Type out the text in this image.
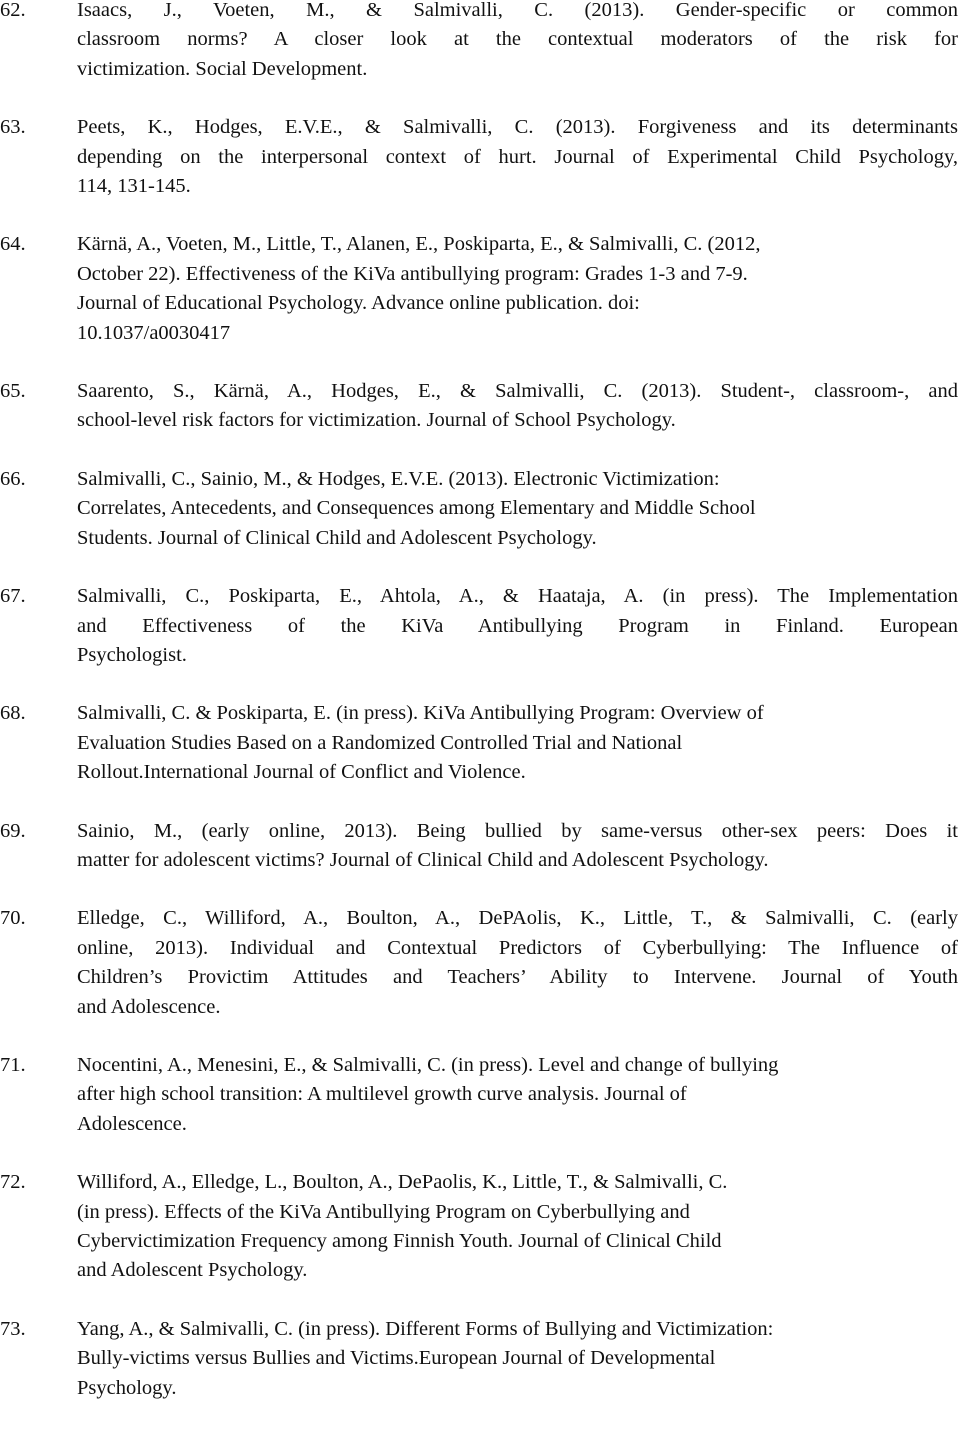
62.	Isaacs, J., Voeten, M., & Salmivalli, C. (2013). Gender-specific or common
classroom norms? A closer look at the contextual moderators of the risk for
victimization. Social Development.
63.	Peets, K., Hodges, E.V.E., & Salmivalli, C. (2013). Forgiveness and its determinants
depending on the interpersonal context of hurt. Journal of Experimental Child Psychology,
114, 131-145.
64.	Kärnä, A., Voeten, M., Little, T., Alanen, E., Poskiparta, E., & Salmivalli, C. (2012,
October 22). Effectiveness of the KiVa antibullying program: Grades 1-3 and 7-9.
Journal of Educational Psychology. Advance online publication. doi:
10.1037/a0030417
65.	Saarento, S., Kärnä, A., Hodges, E., & Salmivalli, C. (2013). Student-, classroom-, and
school-level risk factors for victimization. Journal of School Psychology.
66.	Salmivalli, C., Sainio, M., & Hodges, E.V.E. (2013). Electronic Victimization:
Correlates, Antecedents, and Consequences among Elementary and Middle School
Students. Journal of Clinical Child and Adolescent Psychology.
67.	Salmivalli, C., Poskiparta, E., Ahtola, A., & Haataja, A. (in press). The Implementation
and Effectiveness of the KiVa Antibullying Program in Finland. European
Psychologist.
68.	Salmivalli, C. & Poskiparta, E. (in press). KiVa Antibullying Program: Overview of
Evaluation Studies Based on a Randomized Controlled Trial and National
Rollout.International Journal of Conflict and Violence.
69.	Sainio, M., (early online, 2013). Being bullied by same-versus other-sex peers: Does it
matter for adolescent victims? Journal of Clinical Child and Adolescent Psychology.
70.	Elledge, C., Williford, A., Boulton, A., DePAolis, K., Little, T., & Salmivalli, C. (early
online, 2013). Individual and Contextual Predictors of Cyberbullying: The Influence of
Children’s Provictim Attitudes and Teachers’ Ability to Intervene. Journal of Youth
and Adolescence.
71.	Nocentini, A., Menesini, E., & Salmivalli, C. (in press). Level and change of bullying
after high school transition: A multilevel growth curve analysis. Journal of
Adolescence.
72.	Williford, A., Elledge, L., Boulton, A., DePaolis, K., Little, T., & Salmivalli, C.
(in press). Effects of the KiVa Antibullying Program on Cyberbullying and
Cybervictimization Frequency among Finnish Youth. Journal of Clinical Child
and Adolescent Psychology.
73.	Yang, A., & Salmivalli, C. (in press). Different Forms of Bullying and Victimization:
Bully-victims versus Bullies and Victims.European Journal of Developmental
Psychology.
